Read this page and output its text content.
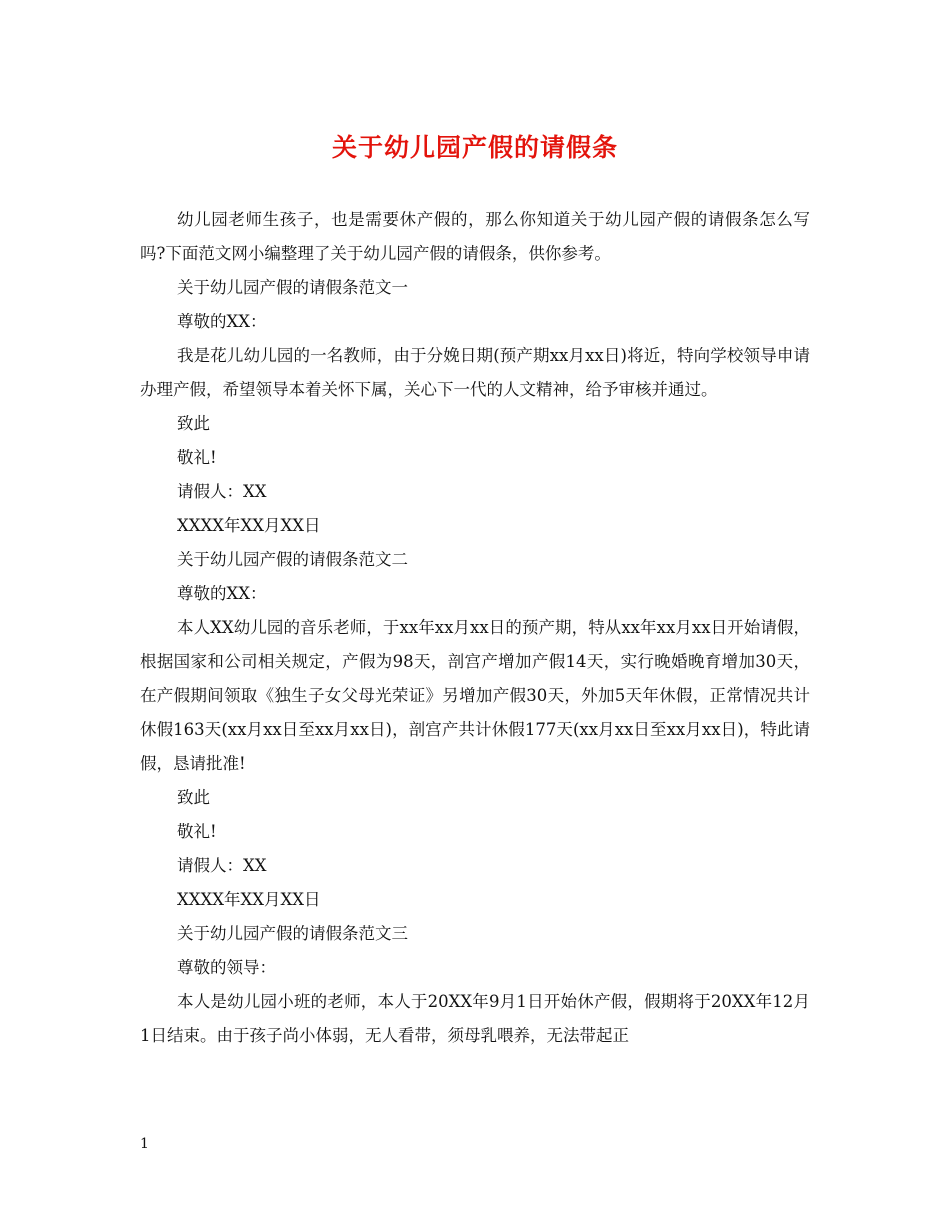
关于幼儿园产假的请假条

幼儿园老师生孩子，也是需要休产假的，那么你知道关于幼儿园产假的请假条怎么写吗?下面范文网小编整理了关于幼儿园产假的请假条，供你参考。

关于幼儿园产假的请假条范文一

尊敬的XX：

我是花儿幼儿园的一名教师，由于分娩日期(预产期xx月xx日)将近，特向学校领导申请办理产假，希望领导本着关怀下属，关心下一代的人文精神，给予审核并通过。

致此

敬礼!

请假人：XX

XXXX年XX月XX日

关于幼儿园产假的请假条范文二

尊敬的XX：

本人XX幼儿园的音乐老师，于xx年xx月xx日的预产期，特从xx年xx月xx日开始请假，根据国家和公司相关规定，产假为98天，剖宫产增加产假14天，实行晚婚晚育增加30天，在产假期间领取《独生子女父母光荣证》另增加产假30天，外加5天年休假，正常情况共计休假163天(xx月xx日至xx月xx日)，剖宫产共计休假177天(xx月xx日至xx月xx日)，特此请假，恳请批准!

致此

敬礼!

请假人：XX

XXXX年XX月XX日

关于幼儿园产假的请假条范文三

尊敬的领导：

本人是幼儿园小班的老师，本人于20XX年9月1日开始休产假，假期将于20XX年12月1日结束。由于孩子尚小体弱，无人看带，须母乳喂养，无法带起正

1
